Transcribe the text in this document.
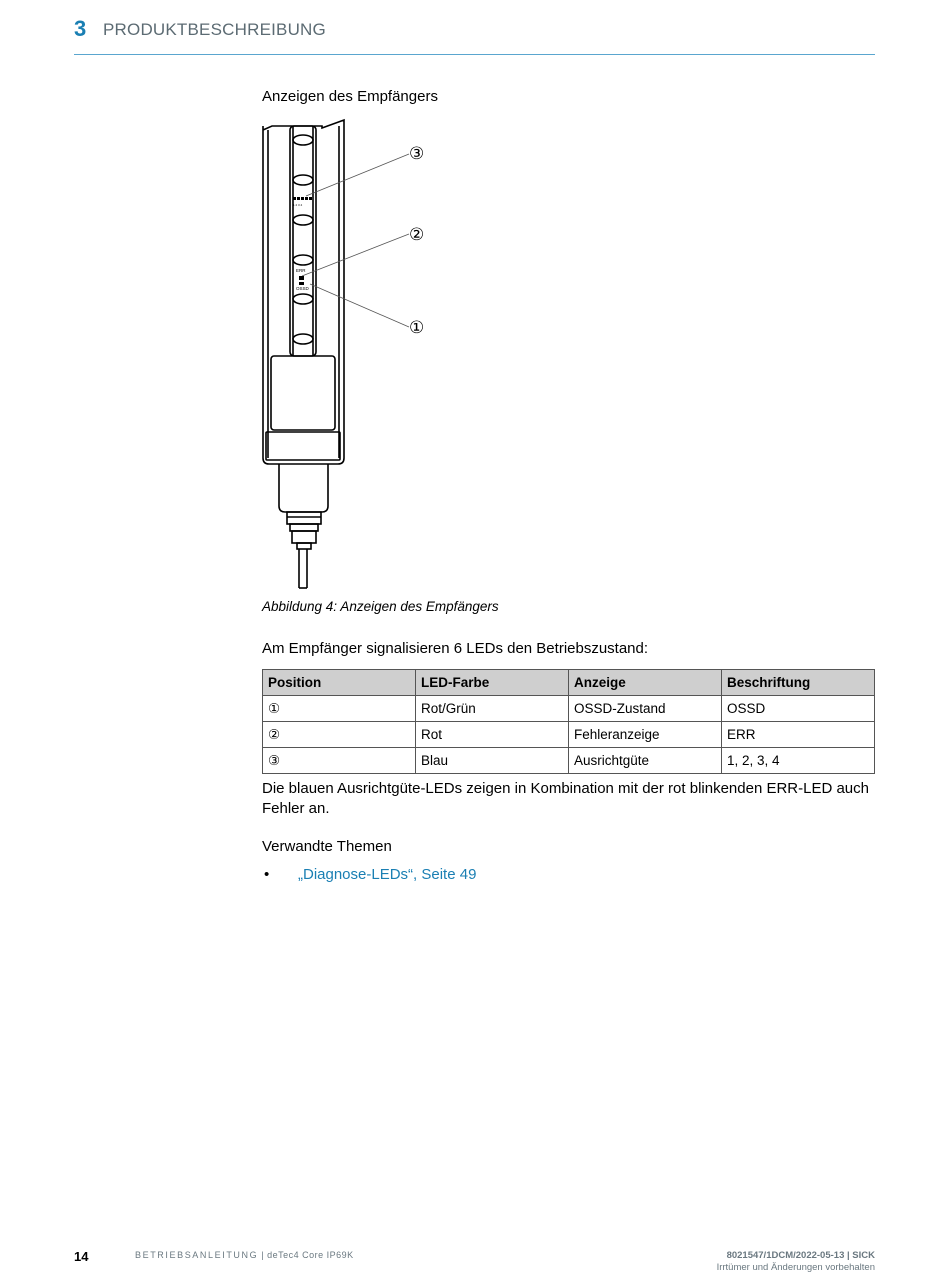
3 PRODUKTBESCHREIBUNG
Anzeigen des Empfängers
ERR
OSSD
1 2 3 4
③
②
①
Abbildung 4: Anzeigen des Empfängers
Am Empfänger signalisieren 6 LEDs den Betriebszustand:
Position	LED-Farbe	Anzeige	Beschriftung
①	Rot/Grün	OSSD-Zustand	OSSD
②	Rot	Fehleranzeige	ERR
③	Blau	Ausrichtgüte	1, 2, 3, 4
Die blauen Ausrichtgüte-LEDs zeigen in Kombination mit der rot blinkenden ERR-LED auch Fehler an.
Verwandte Themen
• „Diagnose-LEDs“, Seite 49
14	BETRIEBSANLEITUNG | deTec4 Core IP69K	8021547/1DCM/2022-05-13 | SICK
Irrtümer und Änderungen vorbehalten
